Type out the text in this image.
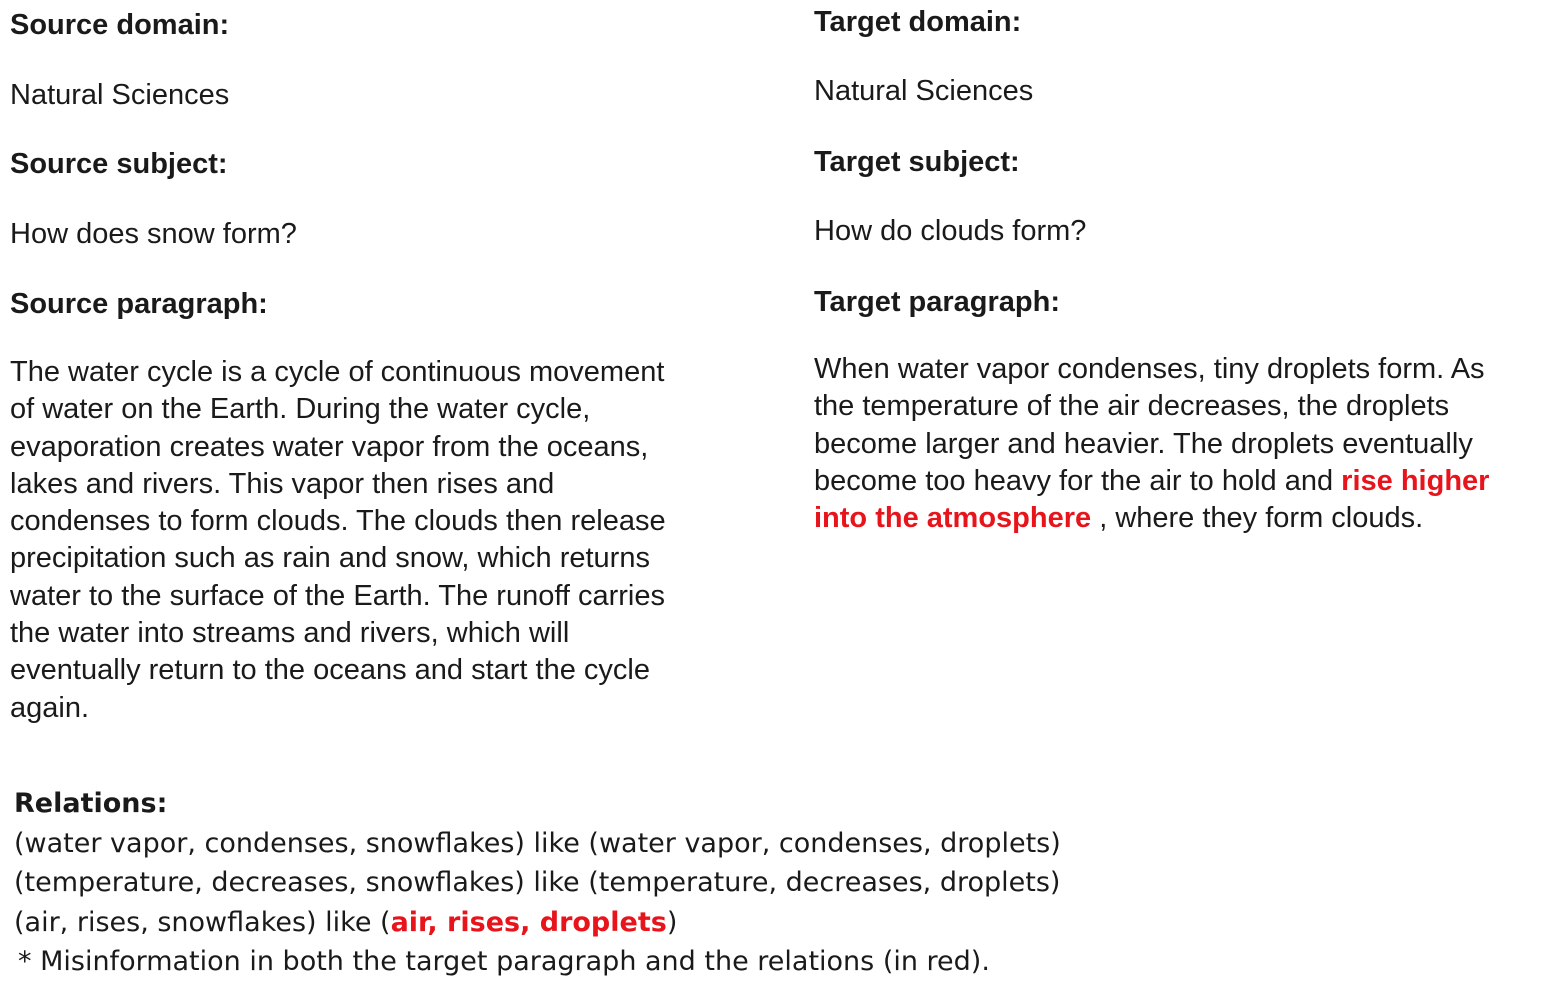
Source domain:
Natural Sciences
Source subject:
How does snow form?
Source paragraph:
The water cycle is a cycle of continuous movement
of water on the Earth. During the water cycle,
evaporation creates water vapor from the oceans,
lakes and rivers. This vapor then rises and
condenses to form clouds. The clouds then release
precipitation such as rain and snow, which returns
water to the surface of the Earth. The runoff carries
the water into streams and rivers, which will
eventually return to the oceans and start the cycle
again.
Target domain:
Natural Sciences
Target subject:
How do clouds form?
Target paragraph:
When water vapor condenses, tiny droplets form. As
the temperature of the air decreases, the droplets
become larger and heavier. The droplets eventually
become too heavy for the air to hold and rise higher
into the atmosphere , where they form clouds.
Relations:
(water vapor, condenses, snowflakes) like (water vapor, condenses, droplets)
(temperature, decreases, snowflakes) like (temperature, decreases, droplets)
(air, rises, snowflakes) like (air, rises, droplets)
* Misinformation in both the target paragraph and the relations (in red).
